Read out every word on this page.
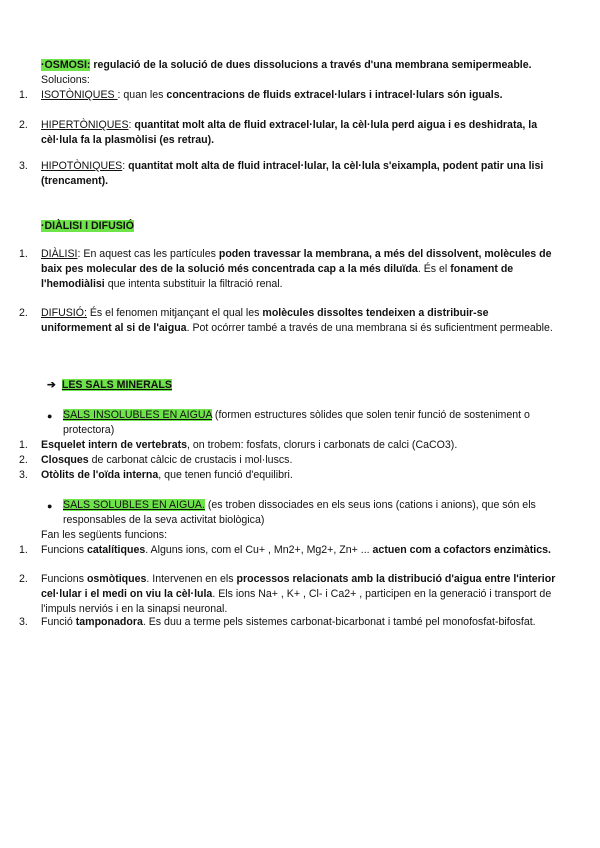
·OSMOSI: regulació de la solució de dues dissolucions a través d'una membrana semipermeable.
Solucions:
1. ISOTÒNIQUES : quan les concentracions de fluids extracel·lulars i intracel·lulars són iguals.
2. HIPERTÒNIQUES: quantitat molt alta de fluid extracel·lular, la cèl·lula perd aigua i es deshidrata, la cèl·lula fa la plasmòlisi (es retrau).
3. HIPOTÒNIQUES: quantitat molt alta de fluid intracel·lular, la cèl·lula s'eixampla, podent patir una lisi (trencament).
·DIÀLISI I DIFUSIÓ
1. DIÀLISI: En aquest cas les partícules poden travessar la membrana, a més del dissolvent, molècules de baix pes molecular des de la solució més concentrada cap a la més diluïda. És el fonament de l'hemodiàlisi que intenta substituir la filtració renal.
2. DIFUSIÓ: És el fenomen mitjançant el qual les molècules dissoltes tendeixen a distribuir-se uniformement al si de l'aigua. Pot ocórrer també a través de una membrana si és suficientment permeable.
➔ LES SALS MINERALS
● SALS INSOLUBLES EN AIGUA (formen estructures sòlides que solen tenir funció de sosteniment o protectora)
1. Esquelet intern de vertebrats, on trobem: fosfats, clorurs i carbonats de calci (CaCO3).
2. Closques de carbonat càlcic de crustacis i mol·luscs.
3. Otòlits de l'oïda interna, que tenen funció d'equilibri.
● SALS SOLUBLES EN AIGUA. (es troben dissociades en els seus ions (cations i anions), que són els responsables de la seva activitat biològica)
Fan les següents funcions:
1. Funcions catalítiques. Alguns ions, com el Cu+ , Mn2+, Mg2+, Zn+ ... actuen com a cofactors enzimàtics.
2. Funcions osmòtiques. Intervenen en els processos relacionats amb la distribució d'aigua entre l'interior cel·lular i el medi on viu la cèl·lula. Els ions Na+ , K+ , Cl- i Ca2+ , participen en la generació i transport de l'impuls nerviós i en la sinapsi neuronal.
3. Funció tamponadora. Es duu a terme pels sistemes carbonat-bicarbonat i també pel monofosfat-bifosfat.
